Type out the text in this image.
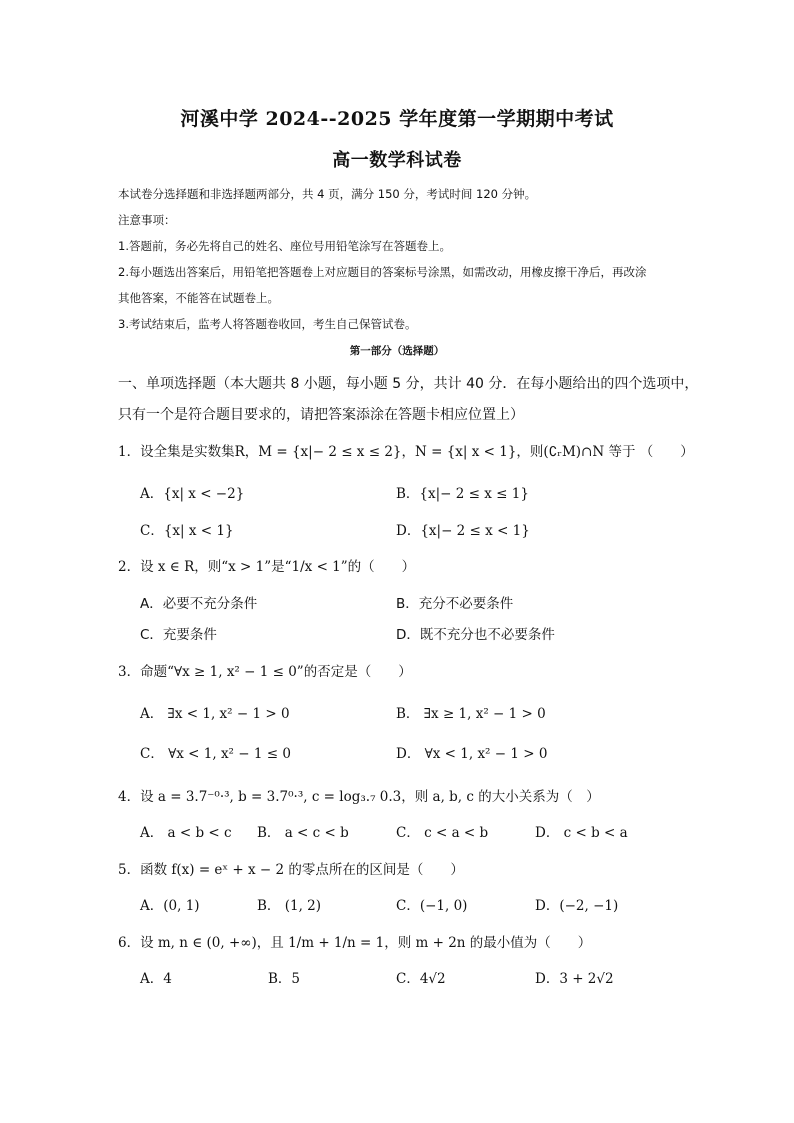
河溪中学 2024--2025 学年度第一学期期中考试
高一数学科试卷
本试卷分选择题和非选择题两部分，共 4 页，满分 150 分，考试时间 120 分钟。
注意事项：
1.答题前，务必先将自己的姓名、座位号用铅笔涂写在答题卷上。
2.每小题选出答案后，用铅笔把答题卷上对应题目的答案标号涂黑，如需改动，用橡皮擦干净后，再改涂
其他答案，不能答在试题卷上。
3.考试结束后，监考人将答题卷收回，考生自己保管试卷。
第一部分（选择题）
一、单项选择题（本大题共 8 小题，每小题 5 分，共计 40 分．在每小题给出的四个选项中，
只有一个是符合题目要求的，请把答案添涂在答题卡相应位置上）
1．设全集是实数集R，M = {x|− 2 ≤ x ≤ 2}，N = {x| x < 1}，则(∁ᵣM)∩N 等于 （　　）
A．{x| x < −2}	B．{x|− 2 ≤ x ≤ 1}
C．{x| x < 1}	D．{x|− 2 ≤ x < 1}
2．设 x ∈ R，则“x > 1”是“1/x < 1”的（　　）
A．必要不充分条件	B．充分不必要条件
C．充要条件	D．既不充分也不必要条件
3．命题“∀x ≥ 1, x² − 1 ≤ 0”的否定是（　　）
A． ∃x < 1, x² − 1 > 0	B． ∃x ≥ 1, x² − 1 > 0
C． ∀x < 1, x² − 1 ≤ 0	D． ∀x < 1, x² − 1 > 0
4．设 a = 3.7⁻⁰·³, b = 3.7⁰·³, c = log₃.₇ 0.3，则 a, b, c 的大小关系为（　）
A． a < b < c B． a < c < b	C． c < a < b	D． c < b < a
5．函数 f(x) = eˣ + x − 2 的零点所在的区间是（　　）
A．(0, 1)	B． (1, 2)	C．(−1, 0)	D．(−2, −1)
6．设 m, n ∈ (0, +∞)，且 1/m + 1/n = 1，则 m + 2n 的最小值为（　　）
A．4	B．5	C．4√2	D．3 + 2√2
